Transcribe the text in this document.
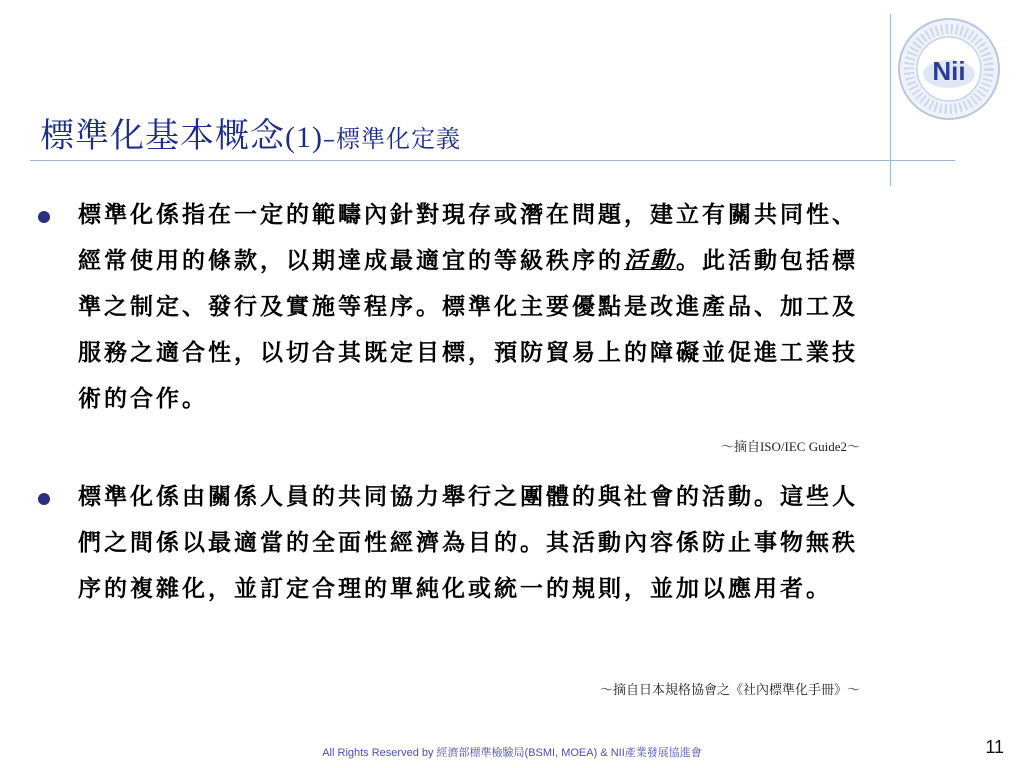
標準化基本概念(1)–標準化定義
Nii
標準化係指在一定的範疇內針對現存或潛在問題，建立有關共同性、經常使用的條款，以期達成最適宜的等級秩序的活動。此活動包括標準之制定、發行及實施等程序。標準化主要優點是改進產品、加工及服務之適合性，以切合其既定目標，預防貿易上的障礙並促進工業技術的合作。
～摘自ISO/IEC Guide2～
標準化係由關係人員的共同協力舉行之團體的與社會的活動。這些人們之間係以最適當的全面性經濟為目的。其活動內容係防止事物無秩序的複雜化，並訂定合理的單純化或統一的規則，並加以應用者。
～摘自日本規格協會之《社內標準化手冊》～
All Rights Reserved by 經濟部標準檢驗局(BSMI, MOEA) & NII產業發展協進會	11
